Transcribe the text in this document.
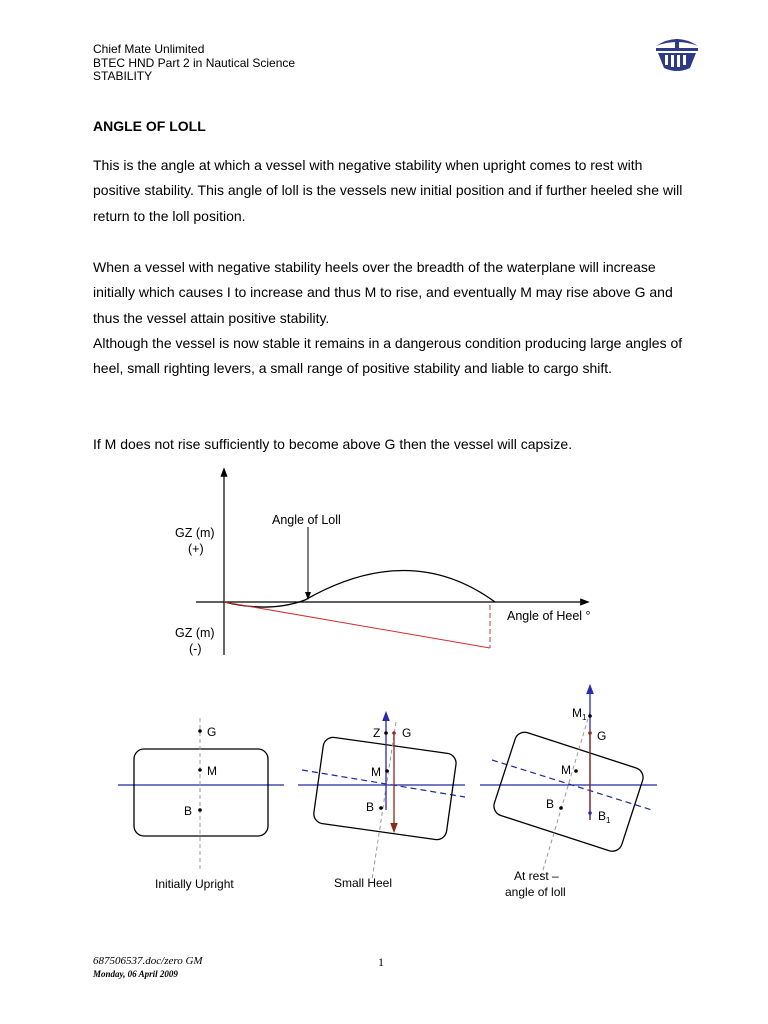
Chief Mate Unlimited
BTEC HND Part 2 in Nautical Science
STABILITY
ANGLE OF LOLL

This is the angle at which a vessel with negative stability when upright comes to rest with positive stability. This angle of loll is the vessels new initial position and if further heeled she will return to the loll position.

When a vessel with negative stability heels over the breadth of the waterplane will increase initially which causes I to increase and thus M to rise, and eventually M may rise above G and thus the vessel attain positive stability.

Although the vessel is now stable it remains in a dangerous condition producing large angles of heel, small righting levers, a small range of positive stability and liable to cargo shift.

If M does not rise sufficiently to become above G then the vessel will capsize.

GZ (m)
(+)
GZ (m)
(-)
Angle of Loll
Angle of Heel °
G
M
B
Initially Upright
Z G
M
B
Small Heel
$M_1$
G
M
B
$B_1$
At rest –
angle of loll
687506537.doc/zero GM
Monday, 06 April 2009
1
